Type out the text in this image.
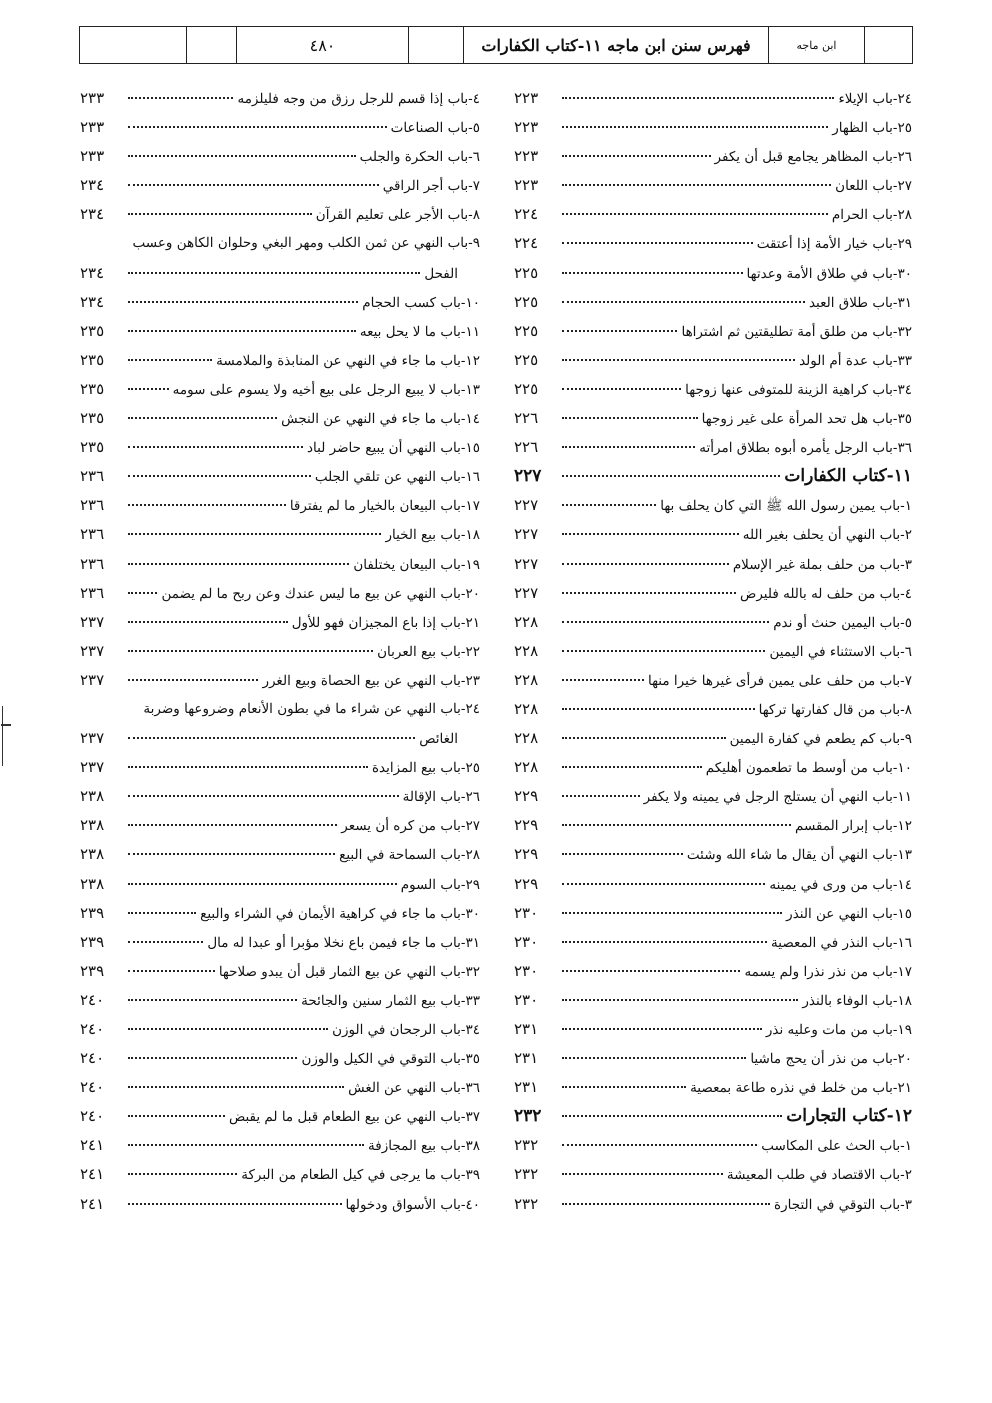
ابن ماجه
فهرس سنن ابن ماجه ١١-كتاب الكفارات
٤٨٠
٢٤-باب الإيلاء
٢٢٣
٢٥-باب الظهار
٢٢٣
٢٦-باب المظاهر يجامع قبل أن يكفر
٢٢٣
٢٧-باب اللعان
٢٢٣
٢٨-باب الحرام
٢٢٤
٢٩-باب خيار الأمة إذا أعتقت
٢٢٤
٣٠-باب في طلاق الأمة وعدتها
٢٢٥
٣١-باب طلاق العبد
٢٢٥
٣٢-باب من طلق أمة تطليقتين ثم اشتراها
٢٢٥
٣٣-باب عدة أم الولد
٢٢٥
٣٤-باب كراهية الزينة للمتوفى عنها زوجها
٢٢٥
٣٥-باب هل تحد المرأة على غير زوجها
٢٢٦
٣٦-باب الرجل يأمره أبوه بطلاق امرأته
٢٢٦
١١-كتاب الكفارات
٢٢٧
١-باب يمين رسول الله ﷺ التي كان يحلف بها
٢٢٧
٢-باب النهي أن يحلف بغير الله
٢٢٧
٣-باب من حلف بملة غير الإسلام
٢٢٧
٤-باب من حلف له بالله فليرض
٢٢٧
٥-باب اليمين حنث أو ندم
٢٢٨
٦-باب الاستثناء في اليمين
٢٢٨
٧-باب من حلف على يمين فرأى غيرها خيرا منها
٢٢٨
٨-باب من قال كفارتها تركها
٢٢٨
٩-باب كم يطعم في كفارة اليمين
٢٢٨
١٠-باب من أوسط ما تطعمون أهليكم
٢٢٨
١١-باب النهي أن يستلج الرجل في يمينه ولا يكفر
٢٢٩
١٢-باب إبرار المقسم
٢٢٩
١٣-باب النهي أن يقال ما شاء الله وشئت
٢٢٩
١٤-باب من ورى في يمينه
٢٢٩
١٥-باب النهي عن النذر
٢٣٠
١٦-باب النذر في المعصية
٢٣٠
١٧-باب من نذر نذرا ولم يسمه
٢٣٠
١٨-باب الوفاء بالنذر
٢٣٠
١٩-باب من مات وعليه نذر
٢٣١
٢٠-باب من نذر أن يحج ماشيا
٢٣١
٢١-باب من خلط في نذره طاعة بمعصية
٢٣١
١٢-كتاب التجارات
٢٣٢
١-باب الحث على المكاسب
٢٣٢
٢-باب الاقتصاد في طلب المعيشة
٢٣٢
٣-باب التوقي في التجارة
٢٣٢
٤-باب إذا قسم للرجل رزق من وجه فليلزمه
٢٣٣
٥-باب الصناعات
٢٣٣
٦-باب الحكرة والجلب
٢٣٣
٧-باب أجر الراقي
٢٣٤
٨-باب الأجر على تعليم القرآن
٢٣٤
٩-باب النهي عن ثمن الكلب ومهر البغي وحلوان الكاهن وعسب
الفحل
٢٣٤
١٠-باب كسب الحجام
٢٣٤
١١-باب ما لا يحل بيعه
٢٣٥
١٢-باب ما جاء في النهي عن المنابذة والملامسة
٢٣٥
١٣-باب لا يبيع الرجل على بيع أخيه ولا يسوم على سومه
٢٣٥
١٤-باب ما جاء في النهي عن النجش
٢٣٥
١٥-باب النهي أن يبيع حاضر لباد
٢٣٥
١٦-باب النهي عن تلقي الجلب
٢٣٦
١٧-باب البيعان بالخيار ما لم يفترقا
٢٣٦
١٨-باب بيع الخيار
٢٣٦
١٩-باب البيعان يختلفان
٢٣٦
٢٠-باب النهي عن بيع ما ليس عندك وعن ربح ما لم يضمن
٢٣٦
٢١-باب إذا باع المجيزان فهو للأول
٢٣٧
٢٢-باب بيع العربان
٢٣٧
٢٣-باب النهي عن بيع الحصاة وبيع الغرر
٢٣٧
٢٤-باب النهي عن شراء ما في بطون الأنعام وضروعها وضربة
الغائص
٢٣٧
٢٥-باب بيع المزايدة
٢٣٧
٢٦-باب الإقالة
٢٣٨
٢٧-باب من كره أن يسعر
٢٣٨
٢٨-باب السماحة في البيع
٢٣٨
٢٩-باب السوم
٢٣٨
٣٠-باب ما جاء في كراهية الأيمان في الشراء والبيع
٢٣٩
٣١-باب ما جاء فيمن باع نخلا مؤبرا أو عبدا له مال
٢٣٩
٣٢-باب النهي عن بيع الثمار قبل أن يبدو صلاحها
٢٣٩
٣٣-باب بيع الثمار سنين والجائحة
٢٤٠
٣٤-باب الرجحان في الوزن
٢٤٠
٣٥-باب التوقي في الكيل والوزن
٢٤٠
٣٦-باب النهي عن الغش
٢٤٠
٣٧-باب النهي عن بيع الطعام قبل ما لم يقبض
٢٤٠
٣٨-باب بيع المجازفة
٢٤١
٣٩-باب ما يرجى في كيل الطعام من البركة
٢٤١
٤٠-باب الأسواق ودخولها
٢٤١
